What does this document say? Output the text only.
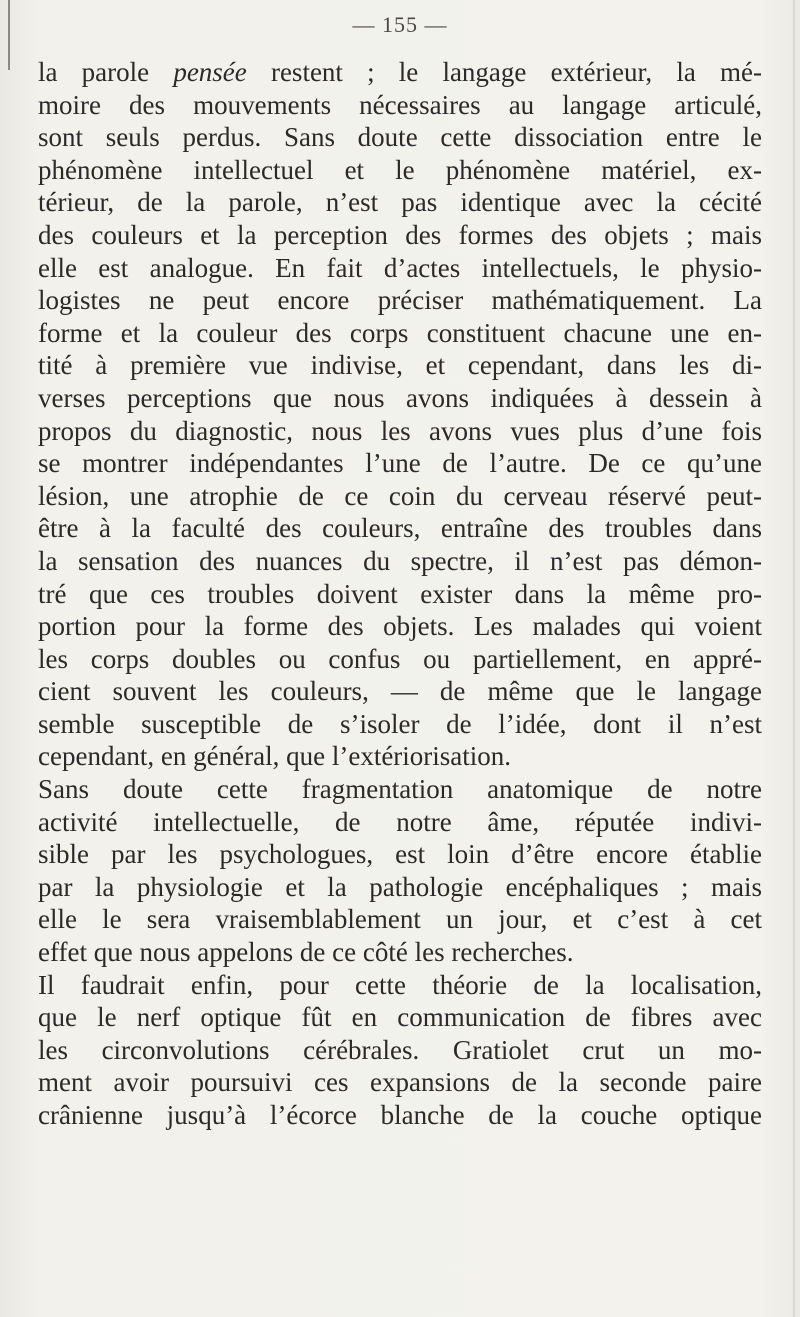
— 155 —
la parole pensée restent ; le langage extérieur, la mé-
moire des mouvements nécessaires au langage articulé,
sont seuls perdus. Sans doute cette dissociation entre le
phénomène intellectuel et le phénomène matériel, ex-
térieur, de la parole, n’est pas identique avec la cécité
des couleurs et la perception des formes des objets ; mais
elle est analogue. En fait d’actes intellectuels, le physio-
logistes ne peut encore préciser mathématiquement. La
forme et la couleur des corps constituent chacune une en-
tité à première vue indivise, et cependant, dans les di-
verses perceptions que nous avons indiquées à dessein à
propos du diagnostic, nous les avons vues plus d’une fois
se montrer indépendantes l’une de l’autre. De ce qu’une
lésion, une atrophie de ce coin du cerveau réservé peut-
être à la faculté des couleurs, entraîne des troubles dans
la sensation des nuances du spectre, il n’est pas démon-
tré que ces troubles doivent exister dans la même pro-
portion pour la forme des objets. Les malades qui voient
les corps doubles ou confus ou partiellement, en appré-
cient souvent les couleurs, — de même que le langage
semble susceptible de s’isoler de l’idée, dont il n’est
cependant, en général, que l’extériorisation.
Sans doute cette fragmentation anatomique de notre
activité intellectuelle, de notre âme, réputée indivi-
sible par les psychologues, est loin d’être encore établie
par la physiologie et la pathologie encéphaliques ; mais
elle le sera vraisemblablement un jour, et c’est à cet
effet que nous appelons de ce côté les recherches.
Il faudrait enfin, pour cette théorie de la localisation,
que le nerf optique fût en communication de fibres avec
les circonvolutions cérébrales. Gratiolet crut un mo-
ment avoir poursuivi ces expansions de la seconde paire
crânienne jusqu’à l’écorce blanche de la couche optique
